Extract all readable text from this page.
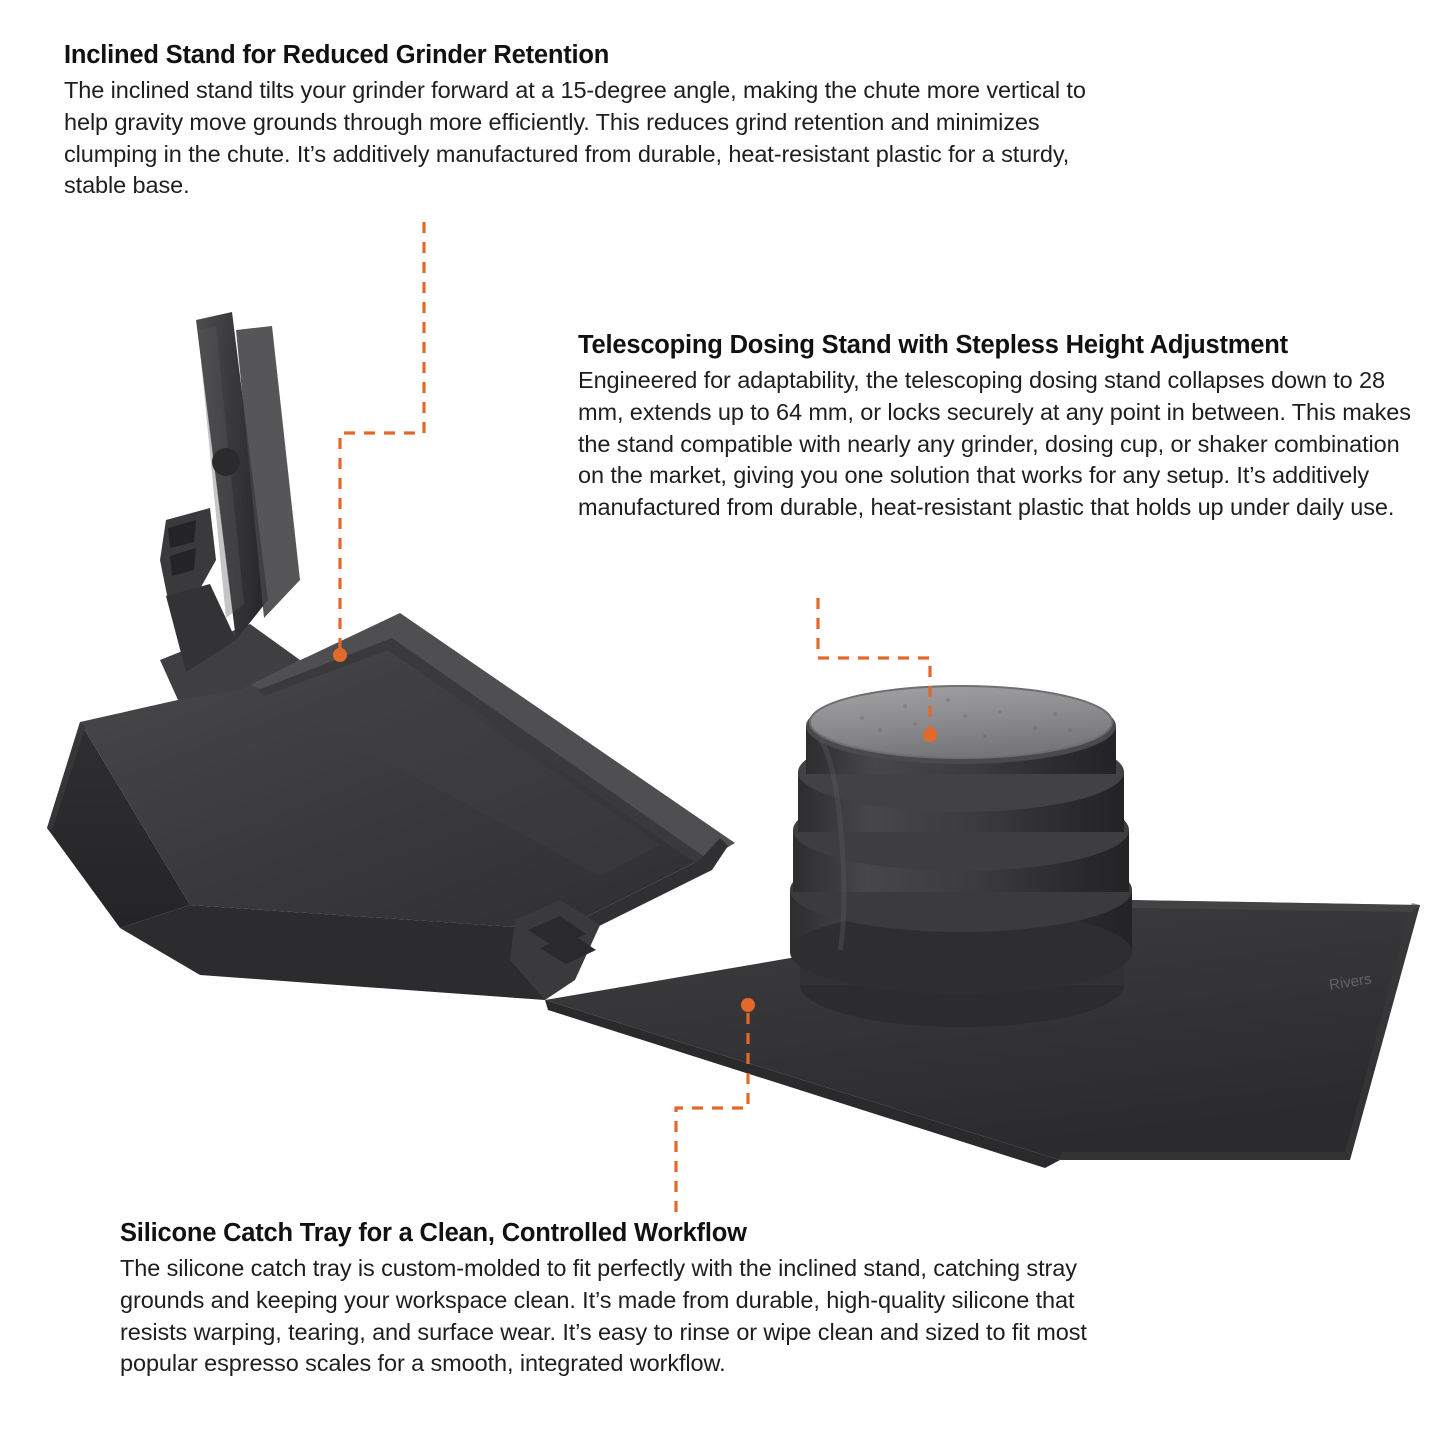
Rivers
Inclined Stand for Reduced Grinder Retention

The inclined stand tilts your grinder forward at a 15-degree angle, making the chute more vertical to help gravity move grounds through more efficiently. This reduces grind retention and minimizes clumping in the chute. It’s additively manufactured from durable, heat-resistant plastic for a sturdy, stable base.

Telescoping Dosing Stand with Stepless Height Adjustment

Engineered for adaptability, the telescoping dosing stand collapses down to 28 mm, extends up to 64 mm, or locks securely at any point in between. This makes the stand compatible with nearly any grinder, dosing cup, or shaker combination on the market, giving you one solution that works for any setup. It’s additively manufactured from durable, heat-resistant plastic that holds up under daily use.

Silicone Catch Tray for a Clean, Controlled Workflow

The silicone catch tray is custom-molded to fit perfectly with the inclined stand, catching stray grounds and keeping your workspace clean. It’s made from durable, high-quality silicone that resists warping, tearing, and surface wear. It’s easy to rinse or wipe clean and sized to fit most popular espresso scales for a smooth, integrated workflow.
